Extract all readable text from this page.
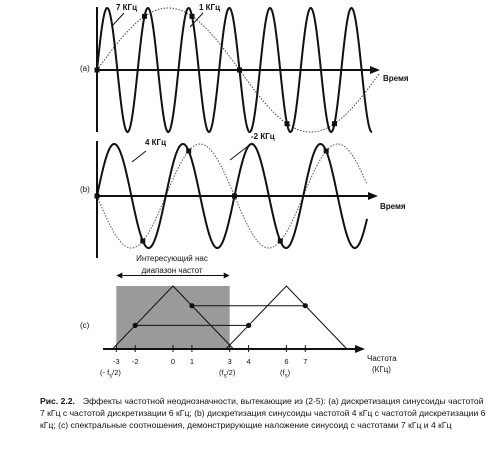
(a)
Время
7 КГц	1 КГц
(b)
Время
4 КГц
-2 КГц
(c)
Интересующий нас
диапазон частот
Частота
(КГц)
-3 -2	0 1	3 4	6 7
(- $f_s/2$)	$(f_s/2)$	$(f_s)$
Рис. 2.2. Эффекты частотной неоднозначности, вытекающие из (2-5): (a) дискретизация синусоиды частотой 7 кГц с частотой дискретизации 6 кГц; (b) дискретизация синусоиды частотой 4 кГц с частотой дискретизации 6 кГц; (c) спектральные соотношения, демонстрирующие наложение синусоид с частотами 7 кГц и 4 кГц
